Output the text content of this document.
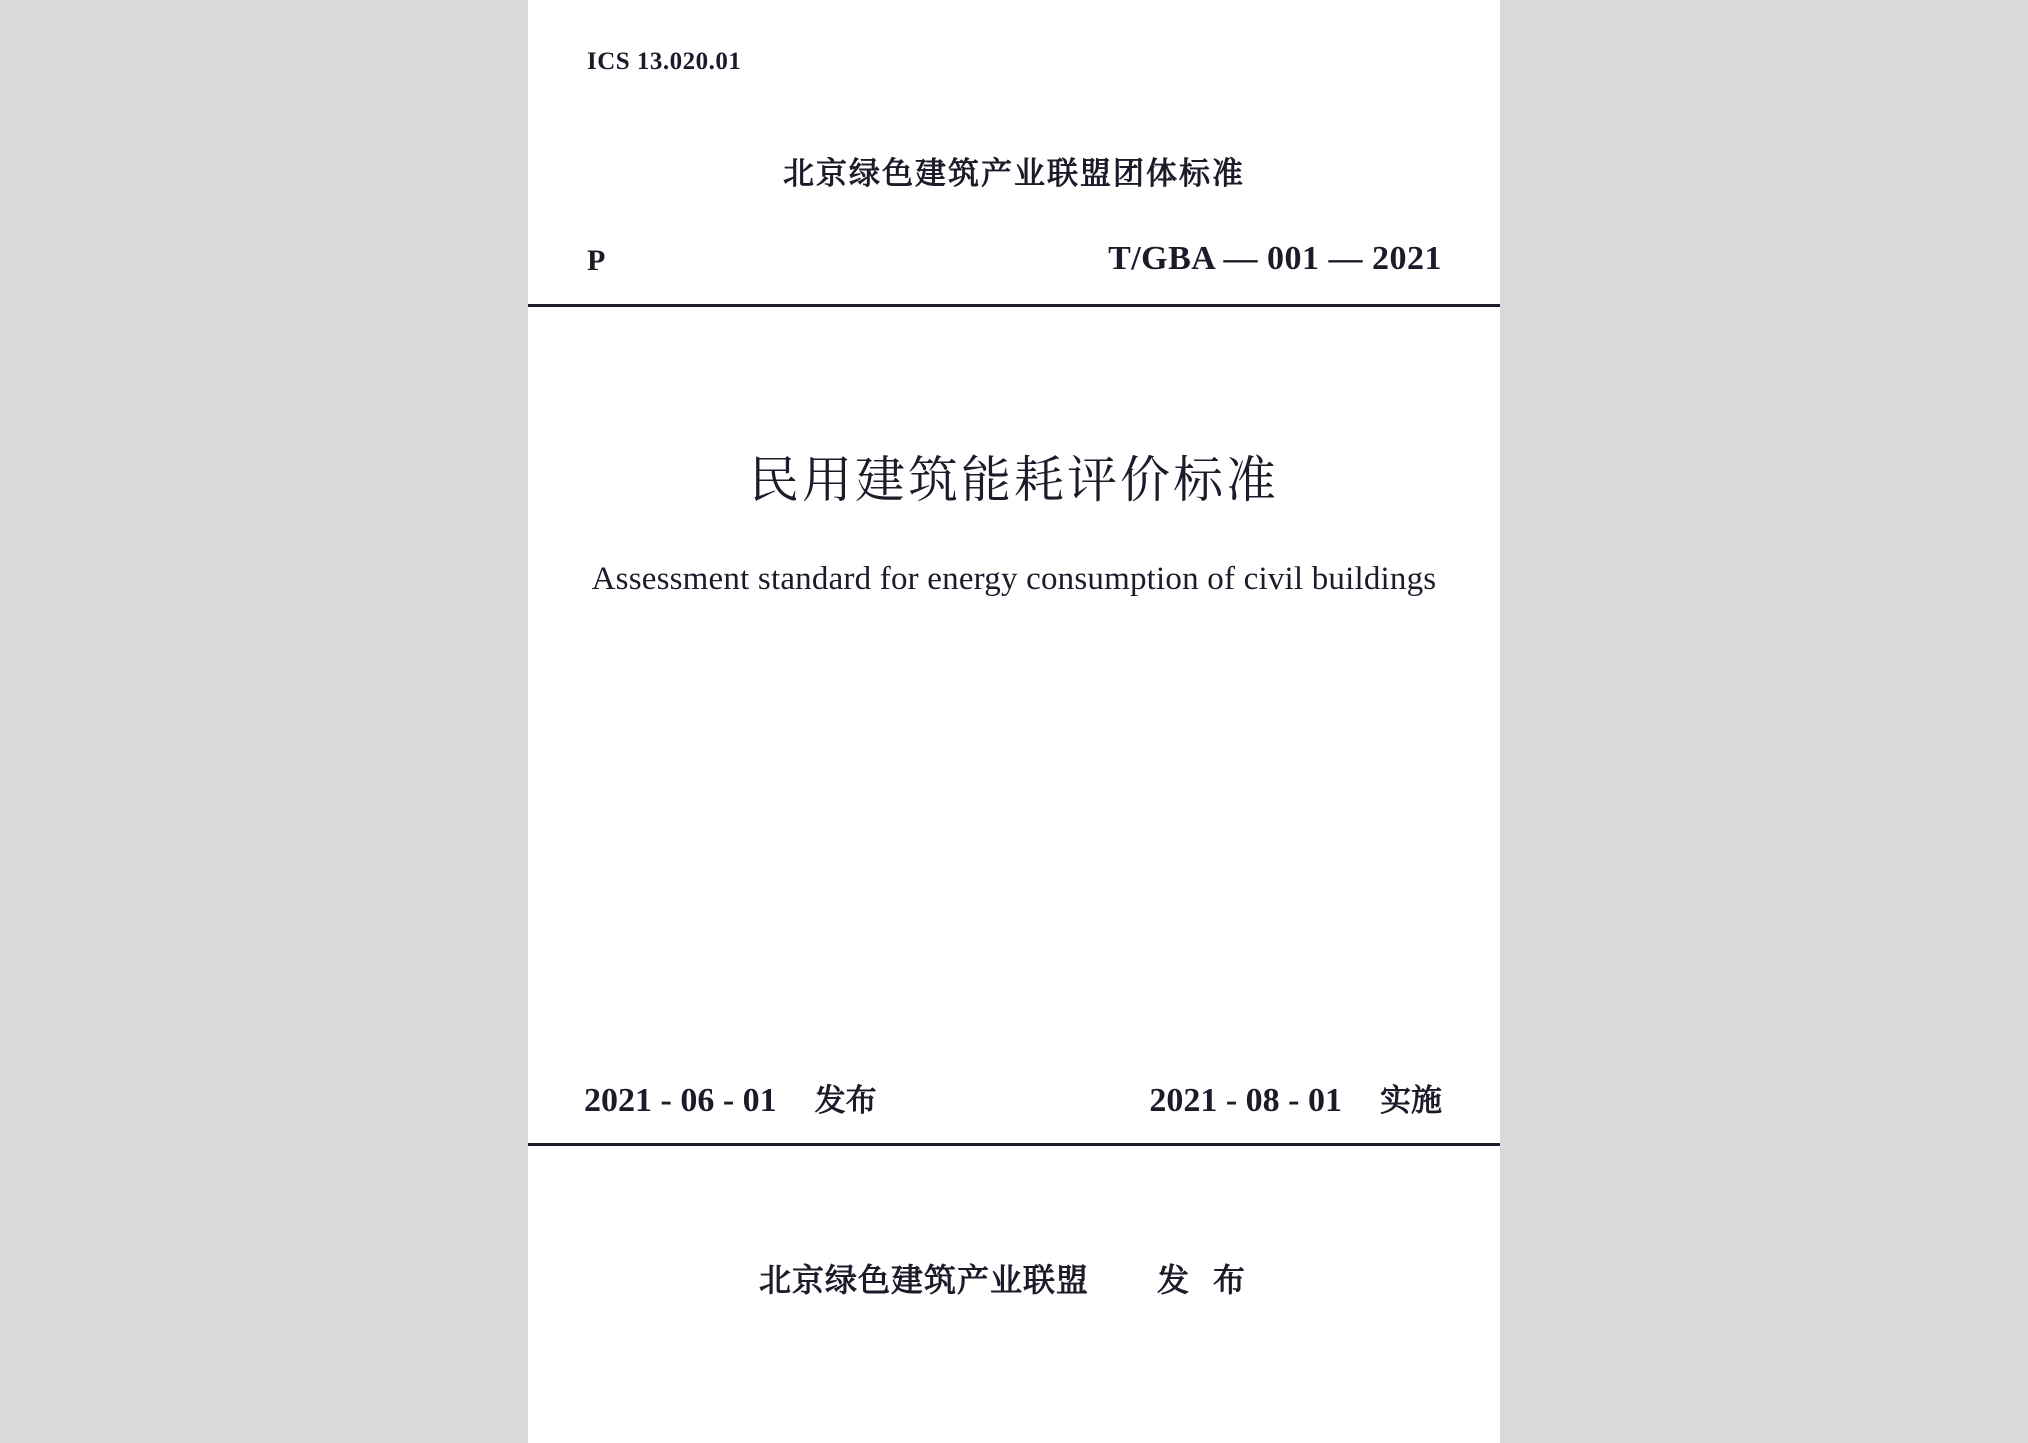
ICS 13.020.01
北京绿色建筑产业联盟团体标准
P	T/GBA — 001 — 2021
民用建筑能耗评价标准
Assessment standard for energy consumption of civil buildings
2021 - 06 - 01 发布	2021 - 08 - 01 实施
北京绿色建筑产业联盟 发布
